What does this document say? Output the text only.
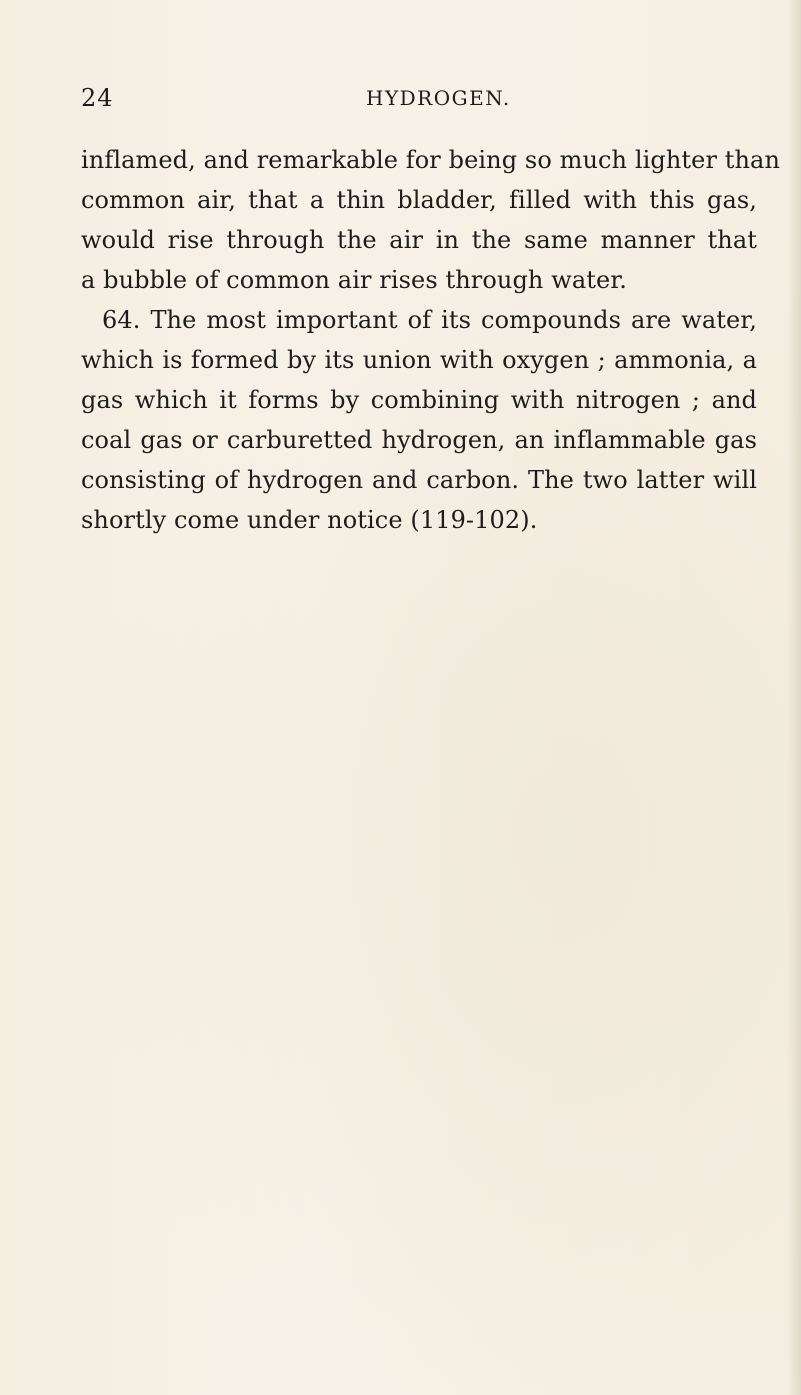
24	HYDROGEN.
inflamed, and remarkable for being so much lighter than
common air, that a thin bladder, filled with this gas,
would rise through the air in the same manner that
a bubble of common air rises through water.
64. The most important of its compounds are water,
which is formed by its union with oxygen ; ammonia, a
gas which it forms by combining with nitrogen ; and
coal gas or carburetted hydrogen, an inflammable gas
consisting of hydrogen and carbon. The two latter will
shortly come under notice (119-102).
